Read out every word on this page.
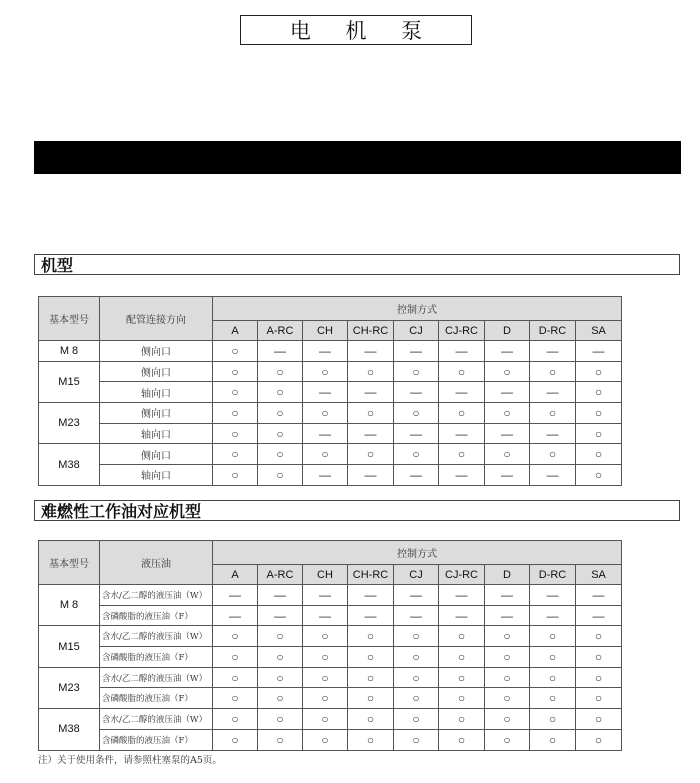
电 机 泵
机型
基本型号	配管连接方向	控制方式								
		A	A-RC	CH	CH-RC	CJ	CJ-RC	D	D-RC	SA
M 8	侧向口	○	—	—	—	—	—	—	—	—
M15	侧向口	○	○	○	○	○	○	○	○	○
	轴向口	○	○	—	—	—	—	—	—	○
M23	侧向口	○	○	○	○	○	○	○	○	○
	轴向口	○	○	—	—	—	—	—	—	○
M38	侧向口	○	○	○	○	○	○	○	○	○
	轴向口	○	○	—	—	—	—	—	—	○
难燃性工作油对应机型
基本型号	液压油	控制方式								
		A	A-RC	CH	CH-RC	CJ	CJ-RC	D	D-RC	SA
M 8	含水/乙二醇的液压油（W）	—	—	—	—	—	—	—	—	—
	含磷酸脂的液压油（F）	—	—	—	—	—	—	—	—	—
M15	含水/乙二醇的液压油（W）	○	○	○	○	○	○	○	○	○
	含磷酸脂的液压油（F）	○	○	○	○	○	○	○	○	○
M23	含水/乙二醇的液压油（W）	○	○	○	○	○	○	○	○	○
	含磷酸脂的液压油（F）	○	○	○	○	○	○	○	○	○
M38	含水/乙二醇的液压油（W）	○	○	○	○	○	○	○	○	○
	含磷酸脂的液压油（F）	○	○	○	○	○	○	○	○	○
注）关于使用条件，请参照柱塞泵的A5页。
